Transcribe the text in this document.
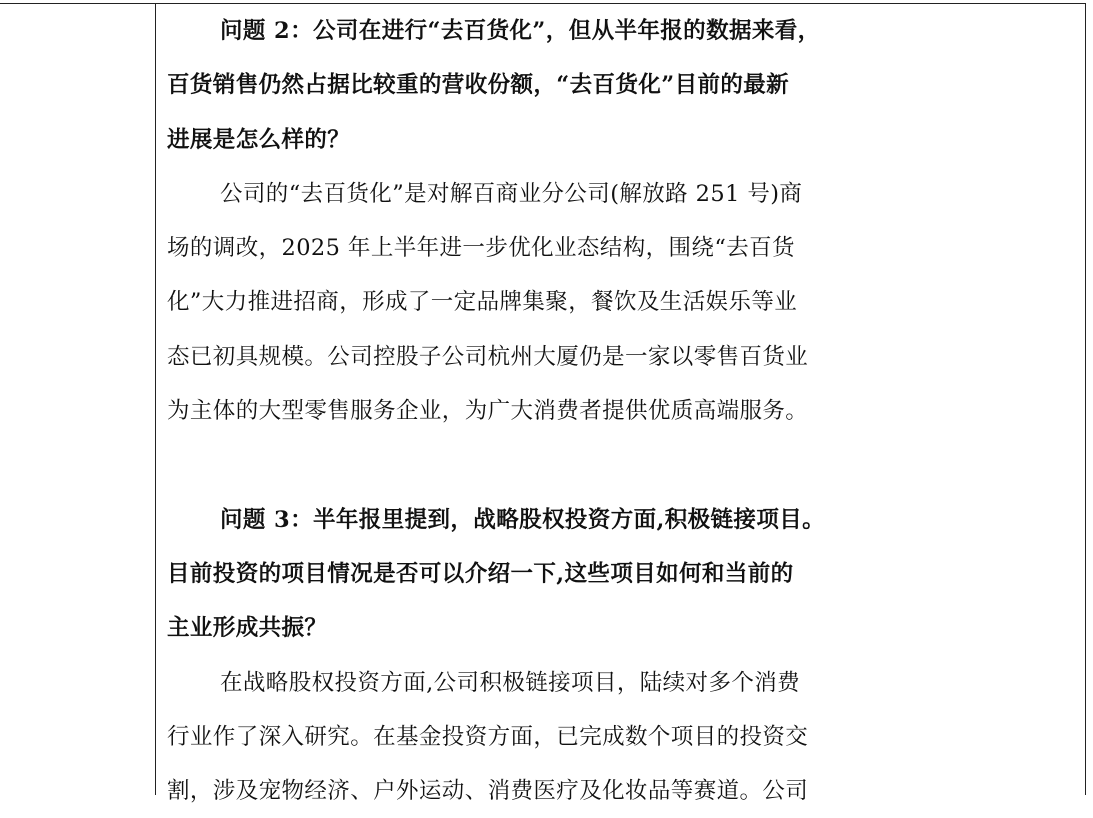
问题 2：公司在进行“去百货化”，但从半年报的数据来看，
百货销售仍然占据比较重的营收份额，“去百货化”目前的最新
进展是怎么样的？
公司的“去百货化”是对解百商业分公司(解放路 251 号)商
场的调改，2025 年上半年进一步优化业态结构，围绕“去百货
化”大力推进招商，形成了一定品牌集聚，餐饮及生活娱乐等业
态已初具规模。公司控股子公司杭州大厦仍是一家以零售百货业
为主体的大型零售服务企业，为广大消费者提供优质高端服务。
问题 3：半年报里提到，战略股权投资方面,积极链接项目。
目前投资的项目情况是否可以介绍一下,这些项目如何和当前的
主业形成共振？
在战略股权投资方面,公司积极链接项目，陆续对多个消费
行业作了深入研究。在基金投资方面，已完成数个项目的投资交
割，涉及宠物经济、户外运动、消费医疗及化妆品等赛道。公司
